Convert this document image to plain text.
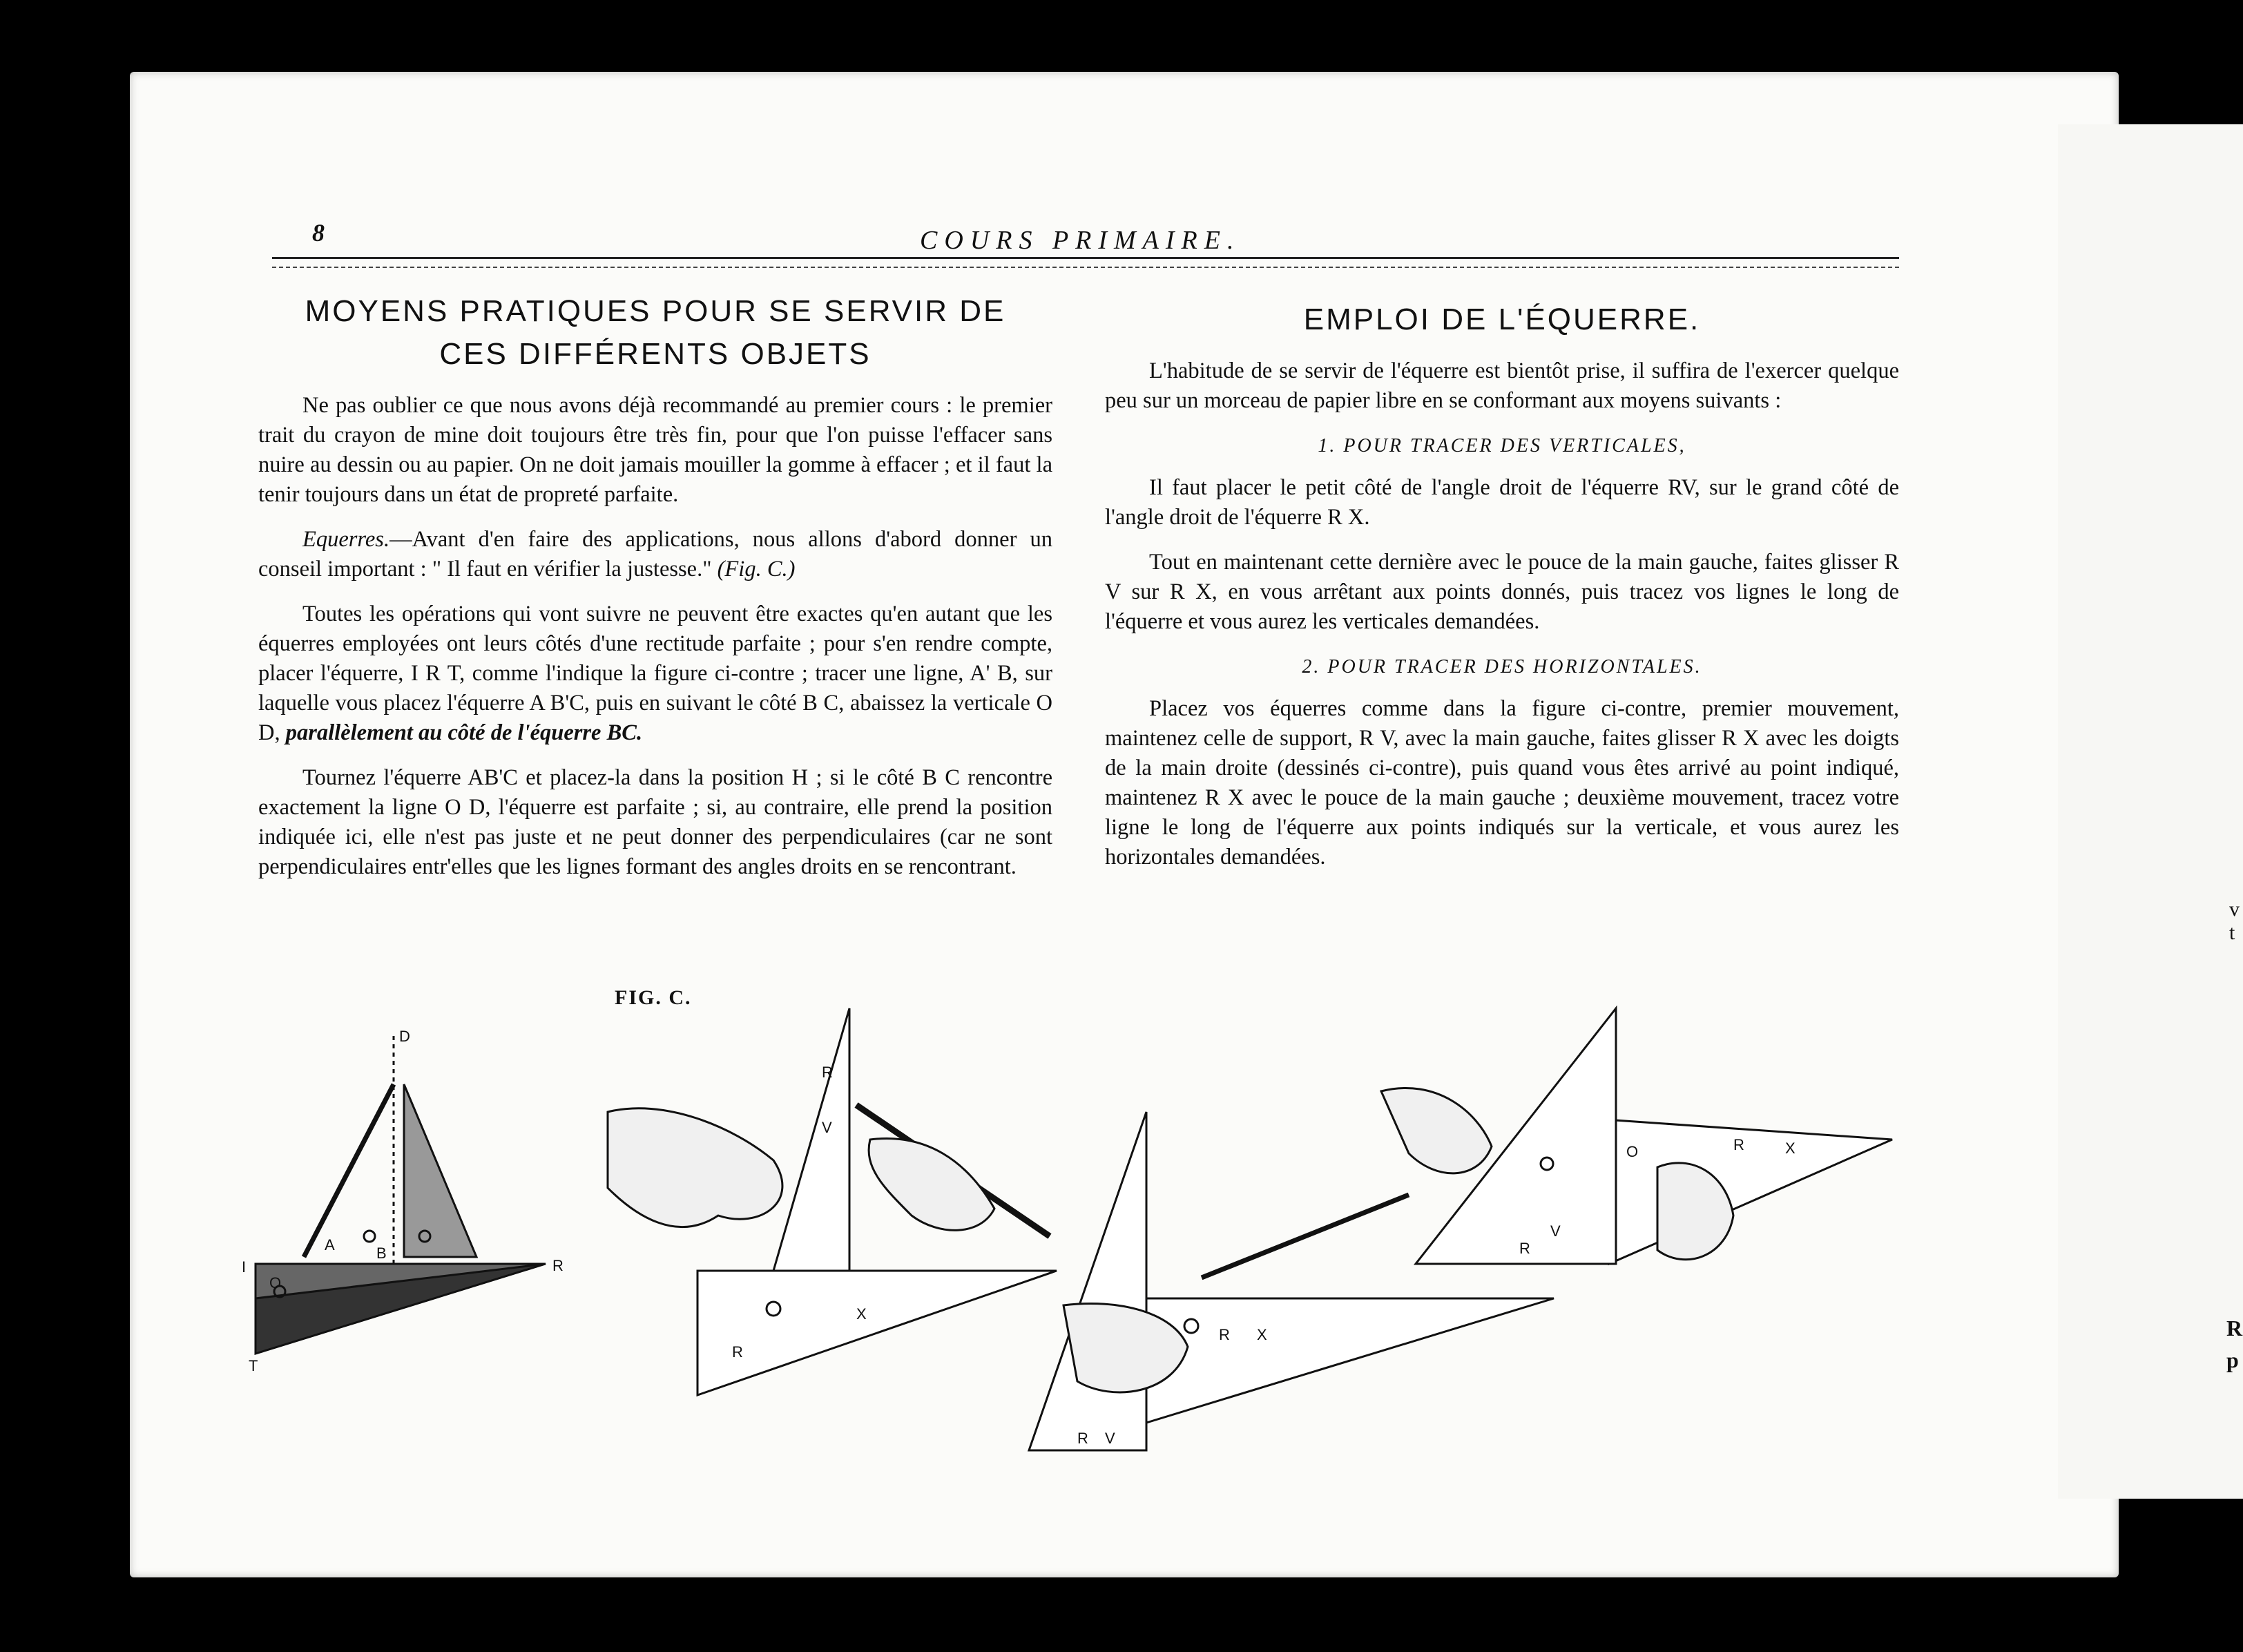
8	COURS PRIMAIRE.
MOYENS PRATIQUES POUR SE SERVIR DE
CES DIFFÉRENTS OBJETS

Ne pas oublier ce que nous avons déjà recommandé au premier cours : le premier trait du crayon de mine doit toujours être très fin, pour que l'on puisse l'effacer sans nuire au dessin ou au papier. On ne doit jamais mouiller la gomme à effacer ; et il faut la tenir toujours dans un état de propreté parfaite.

Equerres.—Avant d'en faire des applications, nous allons d'abord donner un conseil important : " Il faut en vérifier la justesse." (Fig. C.)

Toutes les opérations qui vont suivre ne peuvent être exactes qu'en autant que les équerres employées ont leurs côtés d'une rectitude parfaite ; pour s'en rendre compte, placer l'équerre, I R T, comme l'indique la figure ci-contre ; tracer une ligne, A' B, sur laquelle vous placez l'équerre A B'C, puis en suivant le côté B C, abaissez la verticale O D, parallèlement au côté de l'équerre BC.

Tournez l'équerre AB'C et placez-la dans la position H ; si le côté B C rencontre exactement la ligne O D, l'équerre est parfaite ; si, au contraire, elle prend la position indiquée ici, elle n'est pas juste et ne peut donner des perpendiculaires (car ne sont perpendiculaires entr'elles que les lignes formant des angles droits en se rencontrant.

EMPLOI DE L'ÉQUERRE.

L'habitude de se servir de l'équerre est bientôt prise, il suffira de l'exercer quelque peu sur un morceau de papier libre en se conformant aux moyens suivants :

1. POUR TRACER DES VERTICALES,

Il faut placer le petit côté de l'angle droit de l'équerre RV, sur le grand côté de l'angle droit de l'équerre R X.

Tout en maintenant cette dernière avec le pouce de la main gauche, faites glisser R V sur R X, en vous arrêtant aux points donnés, puis tracez vos lignes le long de l'équerre et vous aurez les verticales demandées.

2. POUR TRACER DES HORIZONTALES.

Placez vos équerres comme dans la figure ci-contre, premier mouvement, maintenez celle de support, R V, avec la main gauche, faites glisser R X avec les doigts de la main droite (dessinés ci-contre), puis quand vous êtes arrivé au point indiqué, maintenez R X avec le pouce de la main gauche ; deuxième mouvement, tracez votre ligne le long de l'équerre aux points indiqués sur la verticale, et vous aurez les horizontales demandées.

FIG. C.
D
A	B
O
I	R
T
R
V
X
R
R X
R V
O	R	X
R
V
v
t
R
p
